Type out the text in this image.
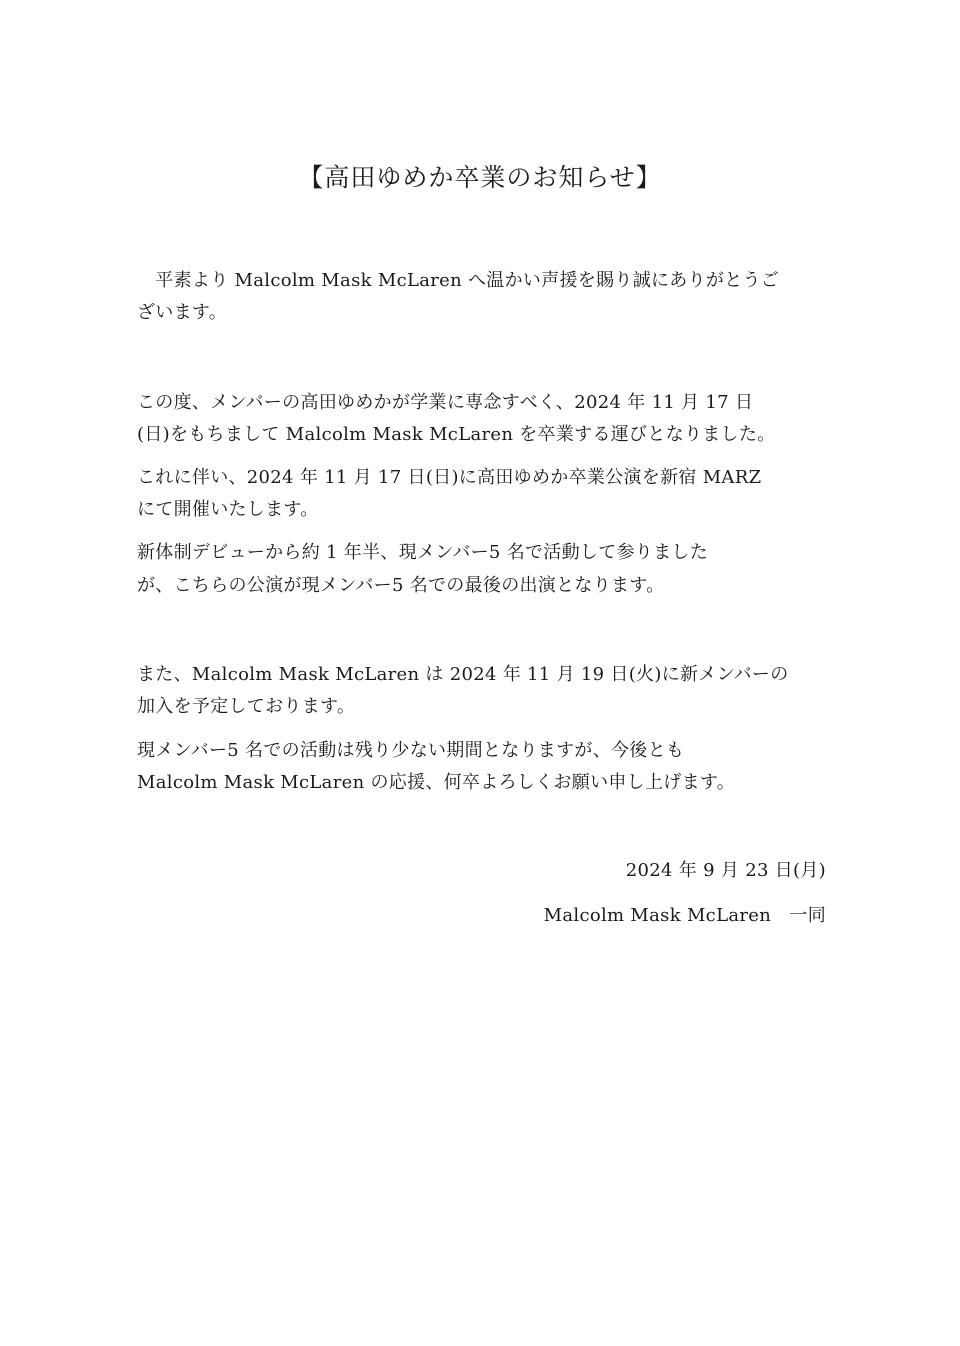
【高田ゆめか卒業のお知らせ】
　平素より Malcolm Mask McLaren へ温かい声援を賜り誠にありがとうご
ざいます。
この度、メンバーの高田ゆめかが学業に専念すべく、2024 年 11 月 17 日
(日)をもちまして Malcolm Mask McLaren を卒業する運びとなりました。
これに伴い、2024 年 11 月 17 日(日)に高田ゆめか卒業公演を新宿 MARZ
にて開催いたします。
新体制デビューから約 1 年半、現メンバー5 名で活動して参りました
が、こちらの公演が現メンバー5 名での最後の出演となります。
また、Malcolm Mask McLaren は 2024 年 11 月 19 日(火)に新メンバーの
加入を予定しております。
現メンバー5 名での活動は残り少ない期間となりますが、今後とも
Malcolm Mask McLaren の応援、何卒よろしくお願い申し上げます。
2024 年 9 月 23 日(月)
Malcolm Mask McLaren　一同
